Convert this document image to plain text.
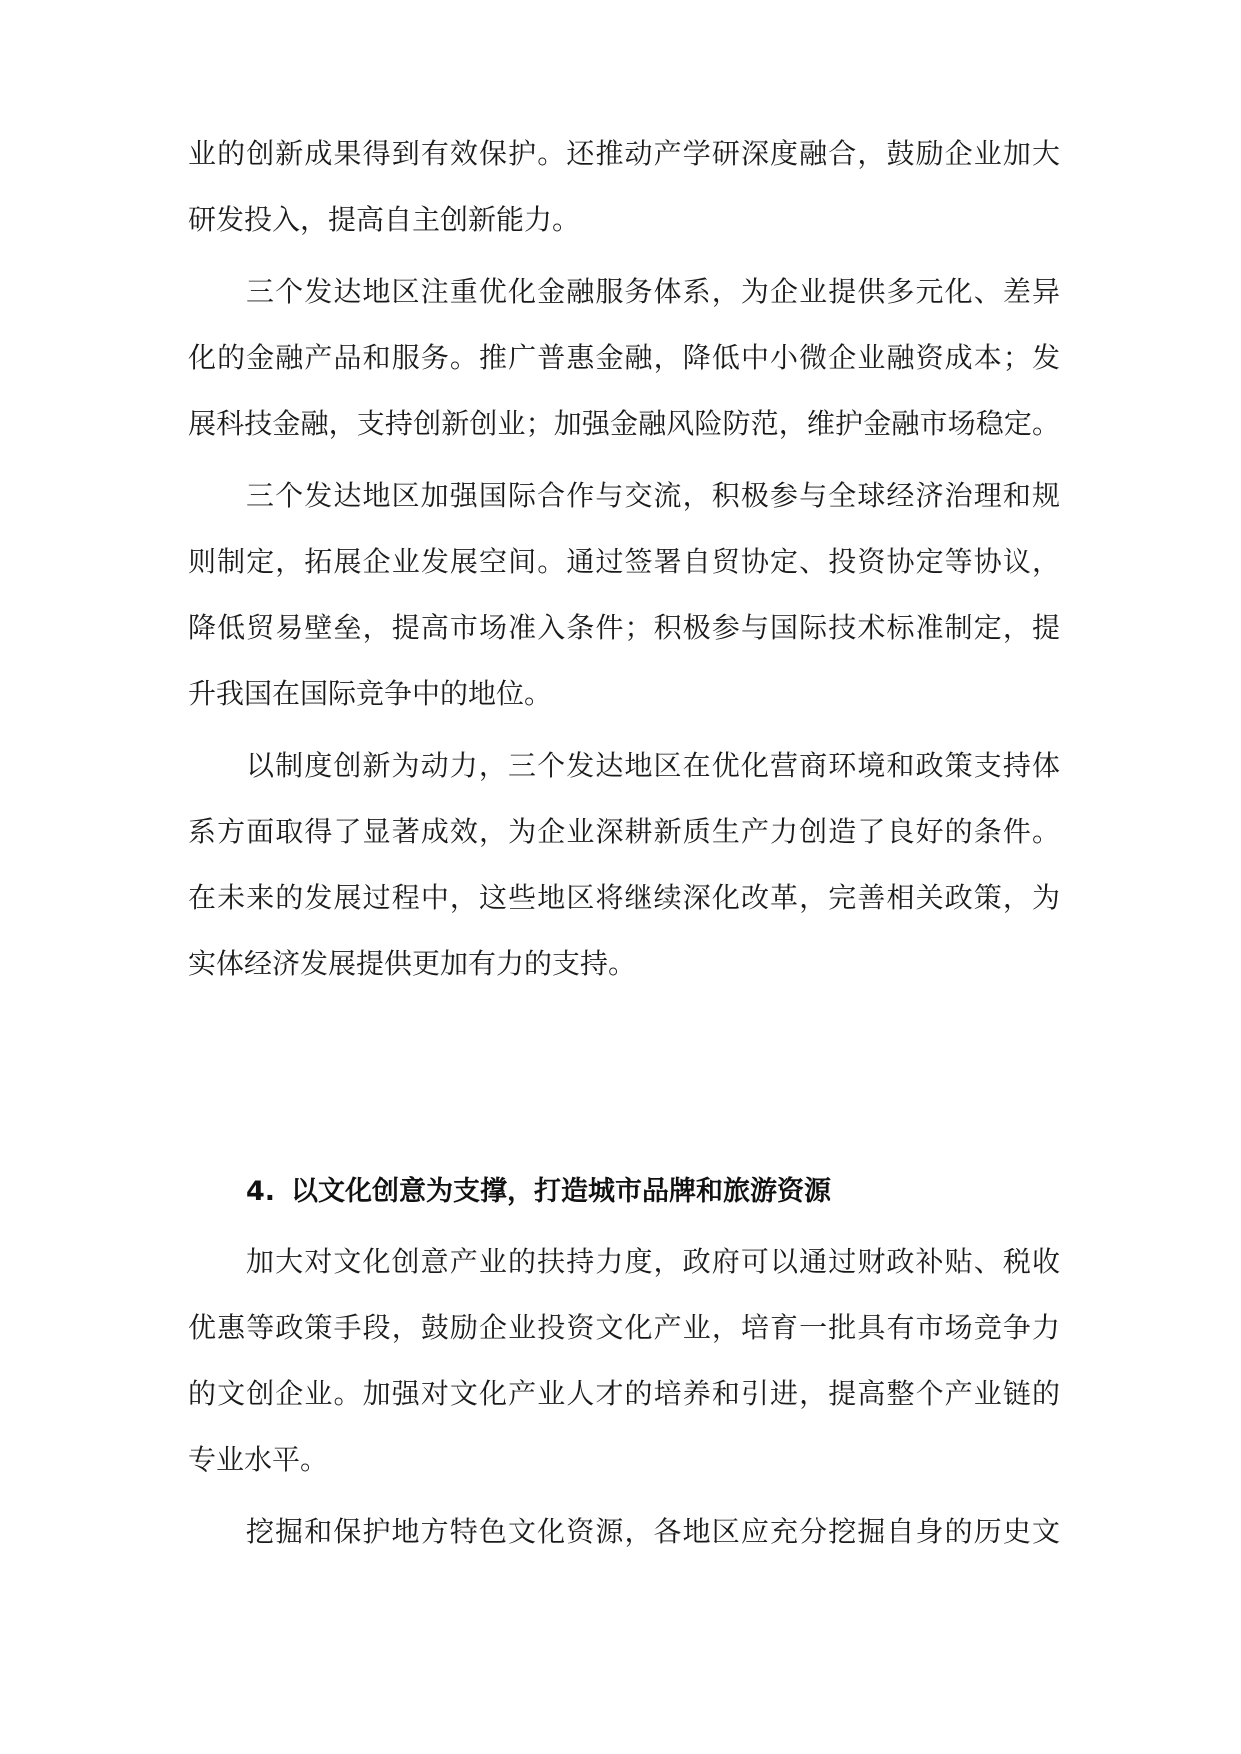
业的创新成果得到有效保护。还推动产学研深度融合，鼓励企业加大
研发投入，提高自主创新能力。
三个发达地区注重优化金融服务体系，为企业提供多元化、差异
化的金融产品和服务。推广普惠金融，降低中小微企业融资成本；发
展科技金融，支持创新创业；加强金融风险防范，维护金融市场稳定。
三个发达地区加强国际合作与交流，积极参与全球经济治理和规
则制定，拓展企业发展空间。通过签署自贸协定、投资协定等协议，
降低贸易壁垒，提高市场准入条件；积极参与国际技术标准制定，提
升我国在国际竞争中的地位。
以制度创新为动力，三个发达地区在优化营商环境和政策支持体
系方面取得了显著成效，为企业深耕新质生产力创造了良好的条件。
在未来的发展过程中，这些地区将继续深化改革，完善相关政策，为
实体经济发展提供更加有力的支持。
4. 以文化创意为支撑，打造城市品牌和旅游资源
加大对文化创意产业的扶持力度，政府可以通过财政补贴、税收
优惠等政策手段，鼓励企业投资文化产业，培育一批具有市场竞争力
的文创企业。加强对文化产业人才的培养和引进，提高整个产业链的
专业水平。
挖掘和保护地方特色文化资源，各地区应充分挖掘自身的历史文
